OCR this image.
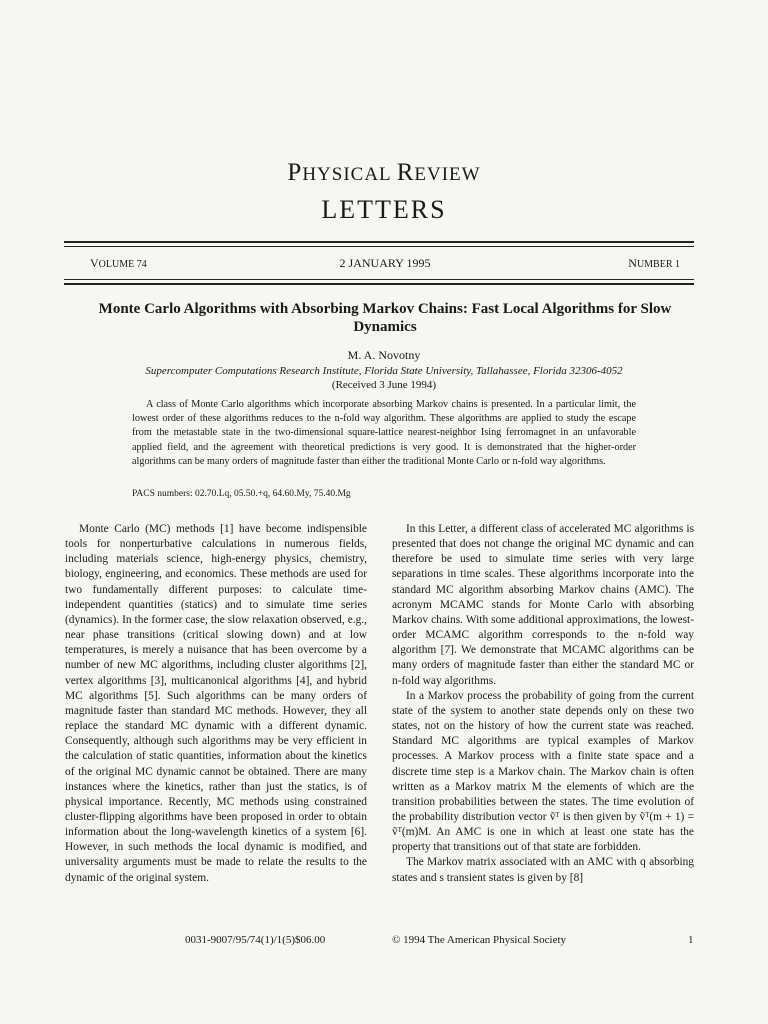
PHYSICAL REVIEW
LETTERS
VOLUME 74	2 JANUARY 1995	NUMBER 1
Monte Carlo Algorithms with Absorbing Markov Chains: Fast Local Algorithms for Slow Dynamics
M. A. Novotny
Supercomputer Computations Research Institute, Florida State University, Tallahassee, Florida 32306-4052
(Received 3 June 1994)

A class of Monte Carlo algorithms which incorporate absorbing Markov chains is presented. In a particular limit, the lowest order of these algorithms reduces to the n-fold way algorithm. These algorithms are applied to study the escape from the metastable state in the two-dimensional square-lattice nearest-neighbor Ising ferromagnet in an unfavorable applied field, and the agreement with theoretical predictions is very good. It is demonstrated that the higher-order algorithms can be many orders of magnitude faster than either the traditional Monte Carlo or n-fold way algorithms.

PACS numbers: 02.70.Lq, 05.50.+q, 64.60.My, 75.40.Mg

Monte Carlo (MC) methods [1] have become indispensible tools for nonperturbative calculations in numerous fields, including materials science, high-energy physics, chemistry, biology, engineering, and economics. These methods are used for two fundamentally different purposes: to calculate time-independent quantities (statics) and to simulate time series (dynamics). In the former case, the slow relaxation observed, e.g., near phase transitions (critical slowing down) and at low temperatures, is merely a nuisance that has been overcome by a number of new MC algorithms, including cluster algorithms [2], vertex algorithms [3], multicanonical algorithms [4], and hybrid MC algorithms [5]. Such algorithms can be many orders of magnitude faster than standard MC methods. However, they all replace the standard MC dynamic with a different dynamic. Consequently, although such algorithms may be very efficient in the calculation of static quantities, information about the kinetics of the original MC dynamic cannot be obtained. There are many instances where the kinetics, rather than just the statics, is of physical importance. Recently, MC methods using constrained cluster-flipping algorithms have been proposed in order to obtain information about the long-wavelength kinetics of a system [6]. However, in such methods the local dynamic is modified, and universality arguments must be made to relate the results to the dynamic of the original system.

In this Letter, a different class of accelerated MC algorithms is presented that does not change the original MC dynamic and can therefore be used to simulate time series with very large separations in time scales. These algorithms incorporate into the standard MC algorithm absorbing Markov chains (AMC). The acronym MCAMC stands for Monte Carlo with absorbing Markov chains. With some additional approximations, the lowest-order MCAMC algorithm corresponds to the n-fold way algorithm [7]. We demonstrate that MCAMC algorithms can be many orders of magnitude faster than either the standard MC or n-fold way algorithms.

In a Markov process the probability of going from the current state of the system to another state depends only on these two states, not on the history of how the current state was reached. Standard MC algorithms are typical examples of Markov processes. A Markov process with a finite state space and a discrete time step is a Markov chain. The Markov chain is often written as a Markov matrix M the elements of which are the transition probabilities between the states. The time evolution of the probability distribution vector ṽᵀ is then given by ṽᵀ(m + 1) = ṽᵀ(m)M. An AMC is one in which at least one state has the property that transitions out of that state are forbidden.

The Markov matrix associated with an AMC with q absorbing states and s transient states is given by [8]

0031-9007/95/74(1)/1(5)$06.00	© 1994 The American Physical Society	1
